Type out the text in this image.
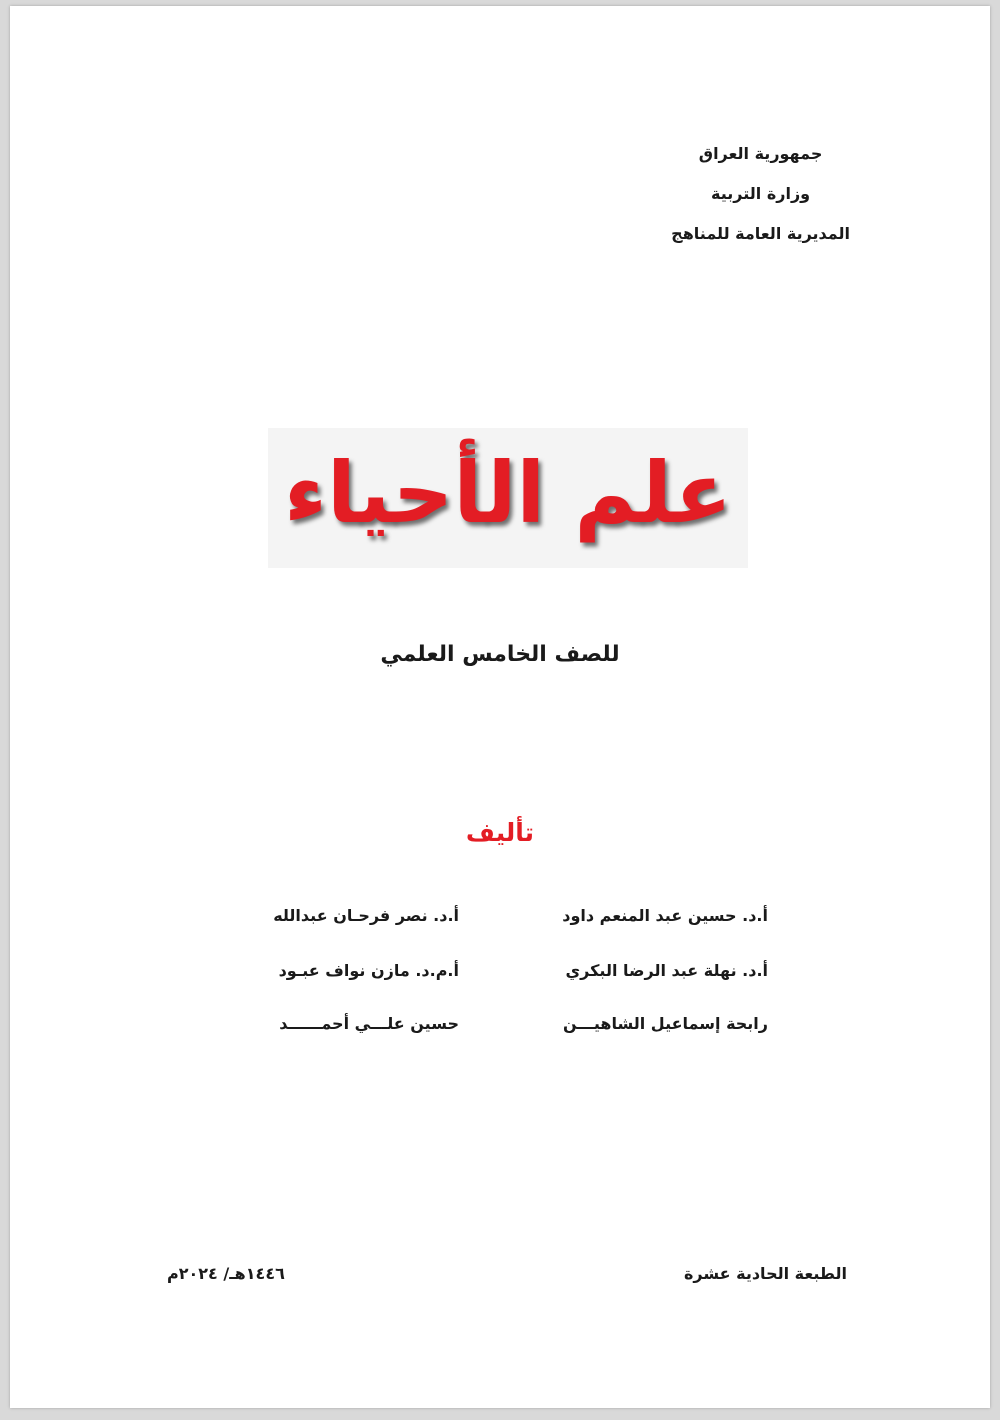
جمهورية العراق
وزارة التربية
المديرية العامة للمناهج
علم الأحياء
للصف الخامس العلمي
تأليف
أ.د. حسين عبد المنعم داود
أ.د. نصر فرحـان عبدالله
أ.د. نهلة عبد الرضا البكري
أ.م.د. مازن نواف عبـود
رابحة إسماعيل الشاهيـــن
حسين علـــي أحمــــــد
الطبعة الحادية عشرة
١٤٤٦هـ/ ٢٠٢٤م
